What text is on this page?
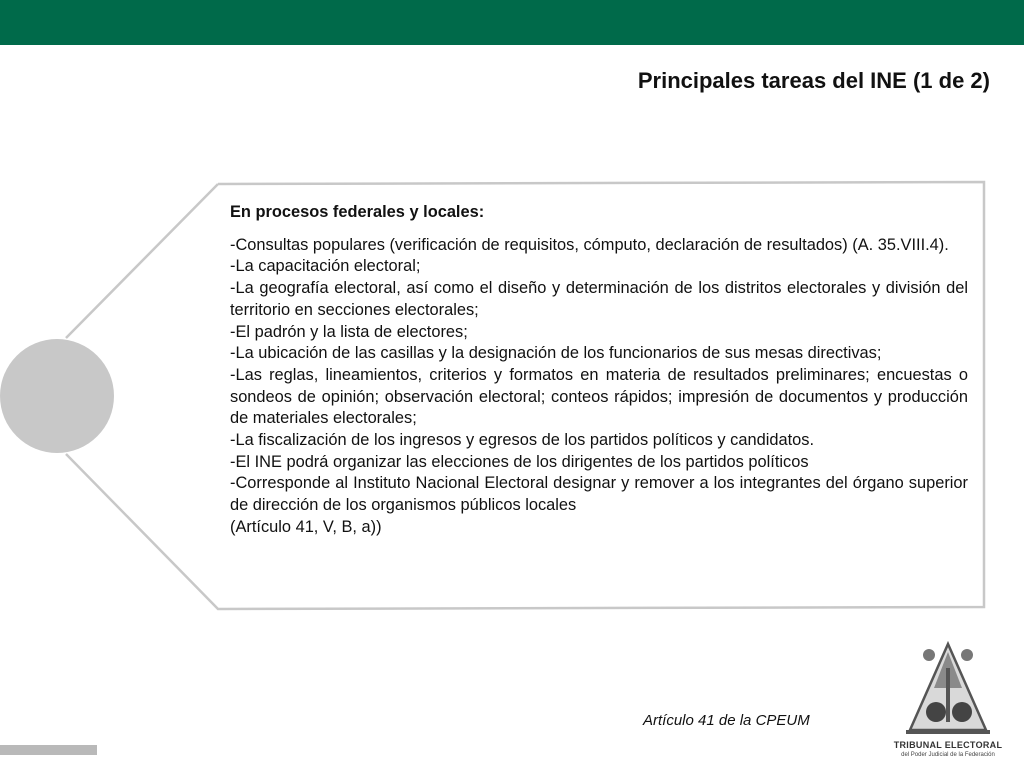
Principales tareas del INE (1 de 2)

En procesos federales y locales:

-Consultas populares (verificación de requisitos, cómputo, declaración de resultados) (A. 35.VIII.4).
-La capacitación electoral;
-La geografía electoral, así como el diseño y determinación de los distritos electorales y división del territorio en secciones electorales;
-El padrón y la lista de electores;
-La ubicación de las casillas y la designación de los funcionarios de sus mesas directivas;
-Las reglas, lineamientos, criterios y formatos en materia de resultados preliminares; encuestas o sondeos de opinión; observación electoral; conteos rápidos; impresión de documentos y producción de materiales electorales;
-La fiscalización de los ingresos y egresos de los partidos políticos y candidatos.
-El INE podrá organizar las elecciones de los dirigentes de los partidos políticos
-Corresponde al Instituto Nacional Electoral designar y remover a los integrantes del órgano superior de dirección de los organismos públicos locales

(Artículo 41, V, B, a))

Artículo 41 de la CPEUM
TRIBUNAL ELECTORAL
del Poder Judicial de la Federación
